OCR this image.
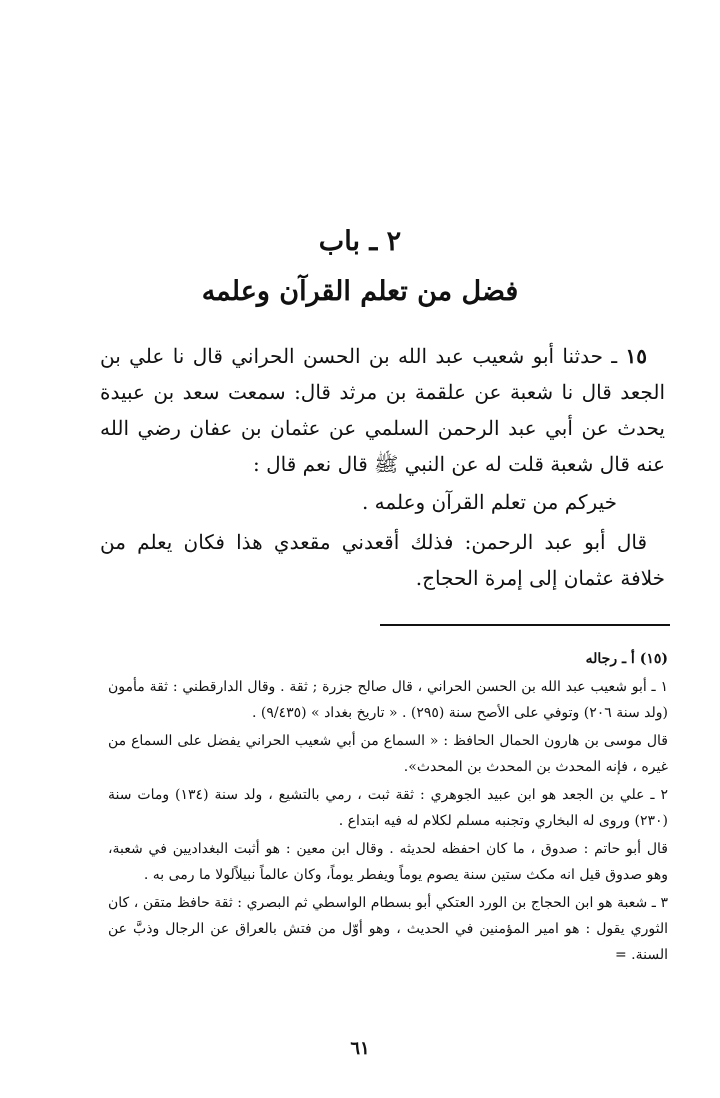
٢ ـ باب
فضل من تعلم القرآن وعلمه

١٥ ـ حدثنا أبو شعيب عبد الله بن الحسن الحراني قال نا علي بن الجعد قال نا شعبة عن علقمة بن مرثد قال: سمعت سعد بن عبيدة يحدث عن أبي عبد الرحمن السلمي عن عثمان بن عفان رضي الله عنه قال شعبة قلت له عن النبي ﷺ قال نعم قال :

خيركم من تعلم القرآن وعلمه .

قال أبو عبد الرحمن: فذلك أقعدني مقعدي هذا فكان يعلم من خلافة عثمان إلى إمرة الحجاج.

(١٥) أ ـ رجاله

١ ـ أبو شعيب عبد الله بن الحسن الحراني ، قال صالح جزرة ; ثقة . وقال الدارقطني : ثقة مأمون (ولد سنة ٢٠٦) وتوفي على الأصح سنة (٢٩٥) . « تاريخ بغداد » (٩/٤٣٥) .

قال موسى بن هارون الحمال الحافظ : « السماع من أبي شعيب الحراني يفضل على السماع من غيره ، فإنه المحدث بن المحدث بن المحدث».

٢ ـ علي بن الجعد هو ابن عبيد الجوهري : ثقة ثبت ، رمي بالتشيع ، ولد سنة (١٣٤) ومات سنة (٢٣٠) وروى له البخاري وتجنبه مسلم لكلام له فيه ابتداع .

قال أبو حاتم : صدوق ، ما كان احفظه لحديثه . وقال ابن معين : هو أثبت البغداديين في شعبة، وهو صدوق قيل انه مكث ستين سنة يصوم يوماً ويفطر يوماً، وكان عالماً نبيلاًلولا ما رمى به .

٣ ـ شعبة هو ابن الحجاج بن الورد العتكي أبو بسطام الواسطي ثم البصري : ثقة حافظ متقن ، كان الثوري يقول : هو امير المؤمنين في الحديث ، وهو أوّل من فتش بالعراق عن الرجال وذبَّ عن السنة. =

٦١
